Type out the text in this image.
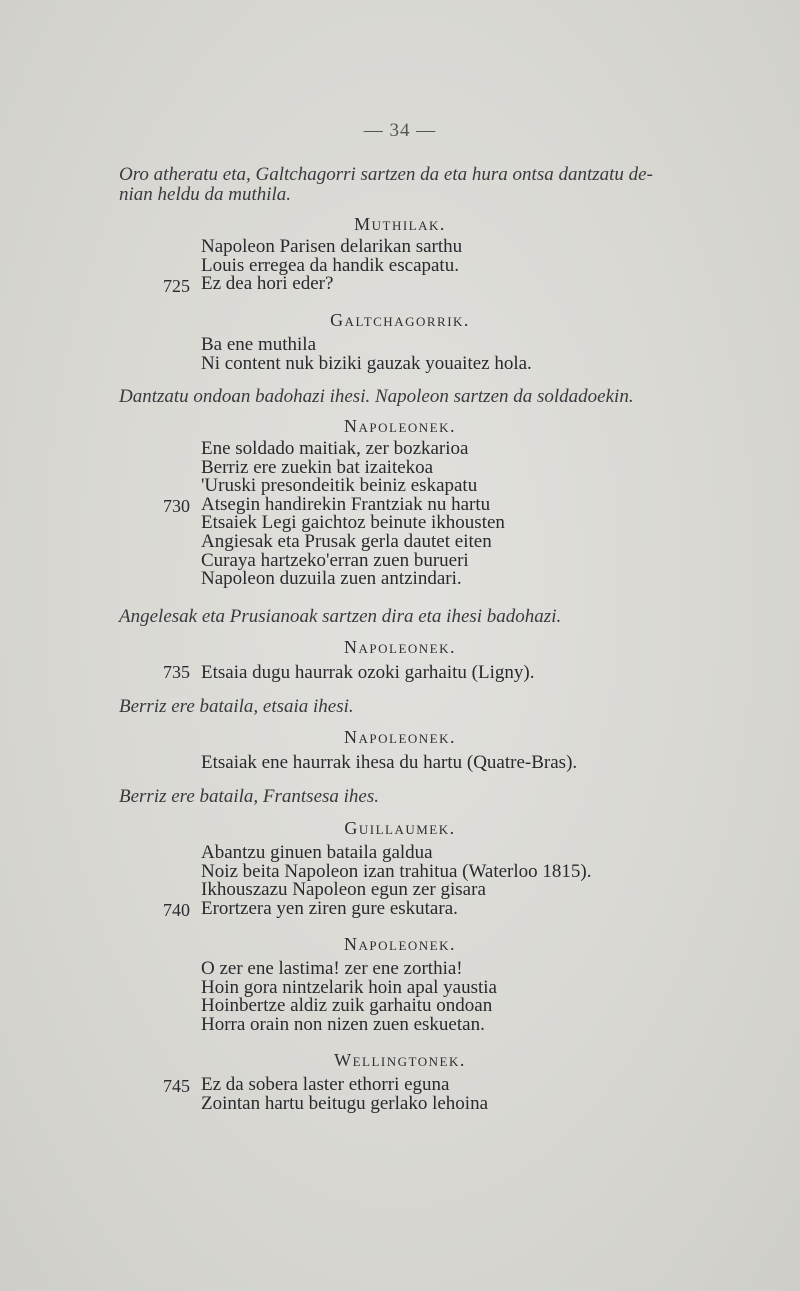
— 34 —
Oro atheratu eta, Galtchagorri sartzen da eta hura ontsa dantzatu de-
nian heldu da muthila.
Muthilak.
Napoleon Parisen delarikan sarthu
Louis erregea da handik escapatu.
Ez dea hori eder?
725
Galtchagorrik.
Ba ene muthila
Ni content nuk biziki gauzak youaitez hola.
Dantzatu ondoan badohazi ihesi. Napoleon sartzen da soldadoekin.
Napoleonek.
Ene soldado maitiak, zer bozkarioa
Berriz ere zuekin bat izaitekoa
'Uruski presondeitik beiniz eskapatu
Atsegin handirekin Frantziak nu hartu
Etsaiek Legi gaichtoz beinute ikhousten
Angiesak eta Prusak gerla dautet eiten
Curaya hartzeko'erran zuen burueri
Napoleon duzuila zuen antzindari.
730
Angelesak eta Prusianoak sartzen dira eta ihesi badohazi.
Napoleonek.
735 Etsaia dugu haurrak ozoki garhaitu (Ligny).
Berriz ere bataila, etsaia ihesi.
Napoleonek.
Etsaiak ene haurrak ihesa du hartu (Quatre-Bras).
Berriz ere bataila, Frantsesa ihes.
Guillaumek.
Abantzu ginuen bataila galdua
Noiz beita Napoleon izan trahitua (Waterloo 1815).
Ikhouszazu Napoleon egun zer gisara
Erortzera yen ziren gure eskutara.
740
Napoleonek.
O zer ene lastima! zer ene zorthia!
Hoin gora nintzelarik hoin apal yaustia
Hoinbertze aldiz zuik garhaitu ondoan
Horra orain non nizen zuen eskuetan.
Wellingtonek.
745 Ez da sobera laster ethorri eguna
Zointan hartu beitugu gerlako lehoina
